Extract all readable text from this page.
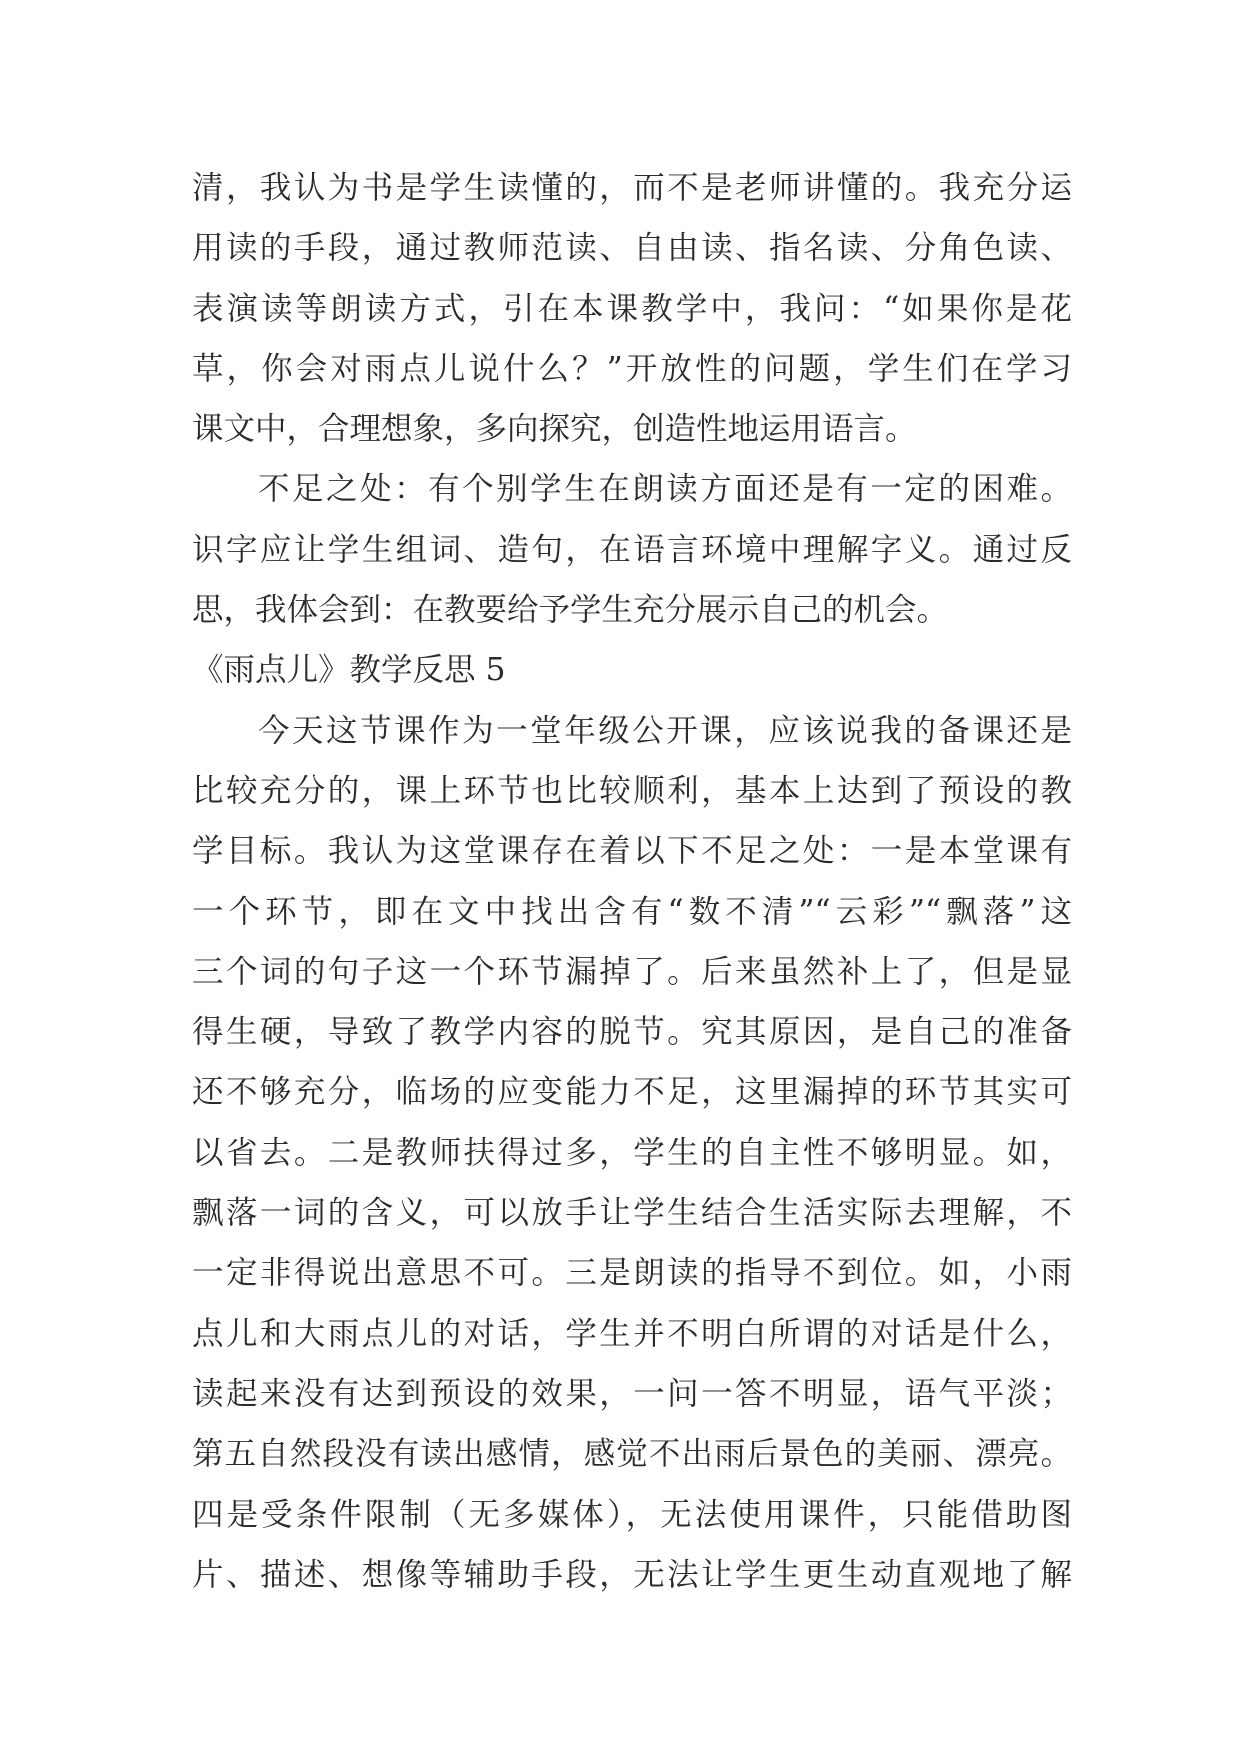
清，我认为书是学生读懂的，而不是老师讲懂的。我充分运
用读的手段，通过教师范读、自由读、指名读、分角色读、
表演读等朗读方式，引在本课教学中，我问：“如果你是花
草，你会对雨点儿说什么？”开放性的问题，学生们在学习
课文中，合理想象，多向探究，创造性地运用语言。
不足之处：有个别学生在朗读方面还是有一定的困难。
识字应让学生组词、造句，在语言环境中理解字义。通过反
思，我体会到：在教要给予学生充分展示自己的机会。
《雨点儿》教学反思 5
今天这节课作为一堂年级公开课，应该说我的备课还是
比较充分的，课上环节也比较顺利，基本上达到了预设的教
学目标。我认为这堂课存在着以下不足之处：一是本堂课有
一个环节，即在文中找出含有“数不清”“云彩”“飘落”这
三个词的句子这一个环节漏掉了。后来虽然补上了，但是显
得生硬，导致了教学内容的脱节。究其原因，是自己的准备
还不够充分，临场的应变能力不足，这里漏掉的环节其实可
以省去。二是教师扶得过多，学生的自主性不够明显。如，
飘落一词的含义，可以放手让学生结合生活实际去理解，不
一定非得说出意思不可。三是朗读的指导不到位。如，小雨
点儿和大雨点儿的对话，学生并不明白所谓的对话是什么，
读起来没有达到预设的效果，一问一答不明显，语气平淡；
第五自然段没有读出感情，感觉不出雨后景色的美丽、漂亮。
四是受条件限制（无多媒体），无法使用课件，只能借助图
片、描述、想像等辅助手段，无法让学生更生动直观地了解
